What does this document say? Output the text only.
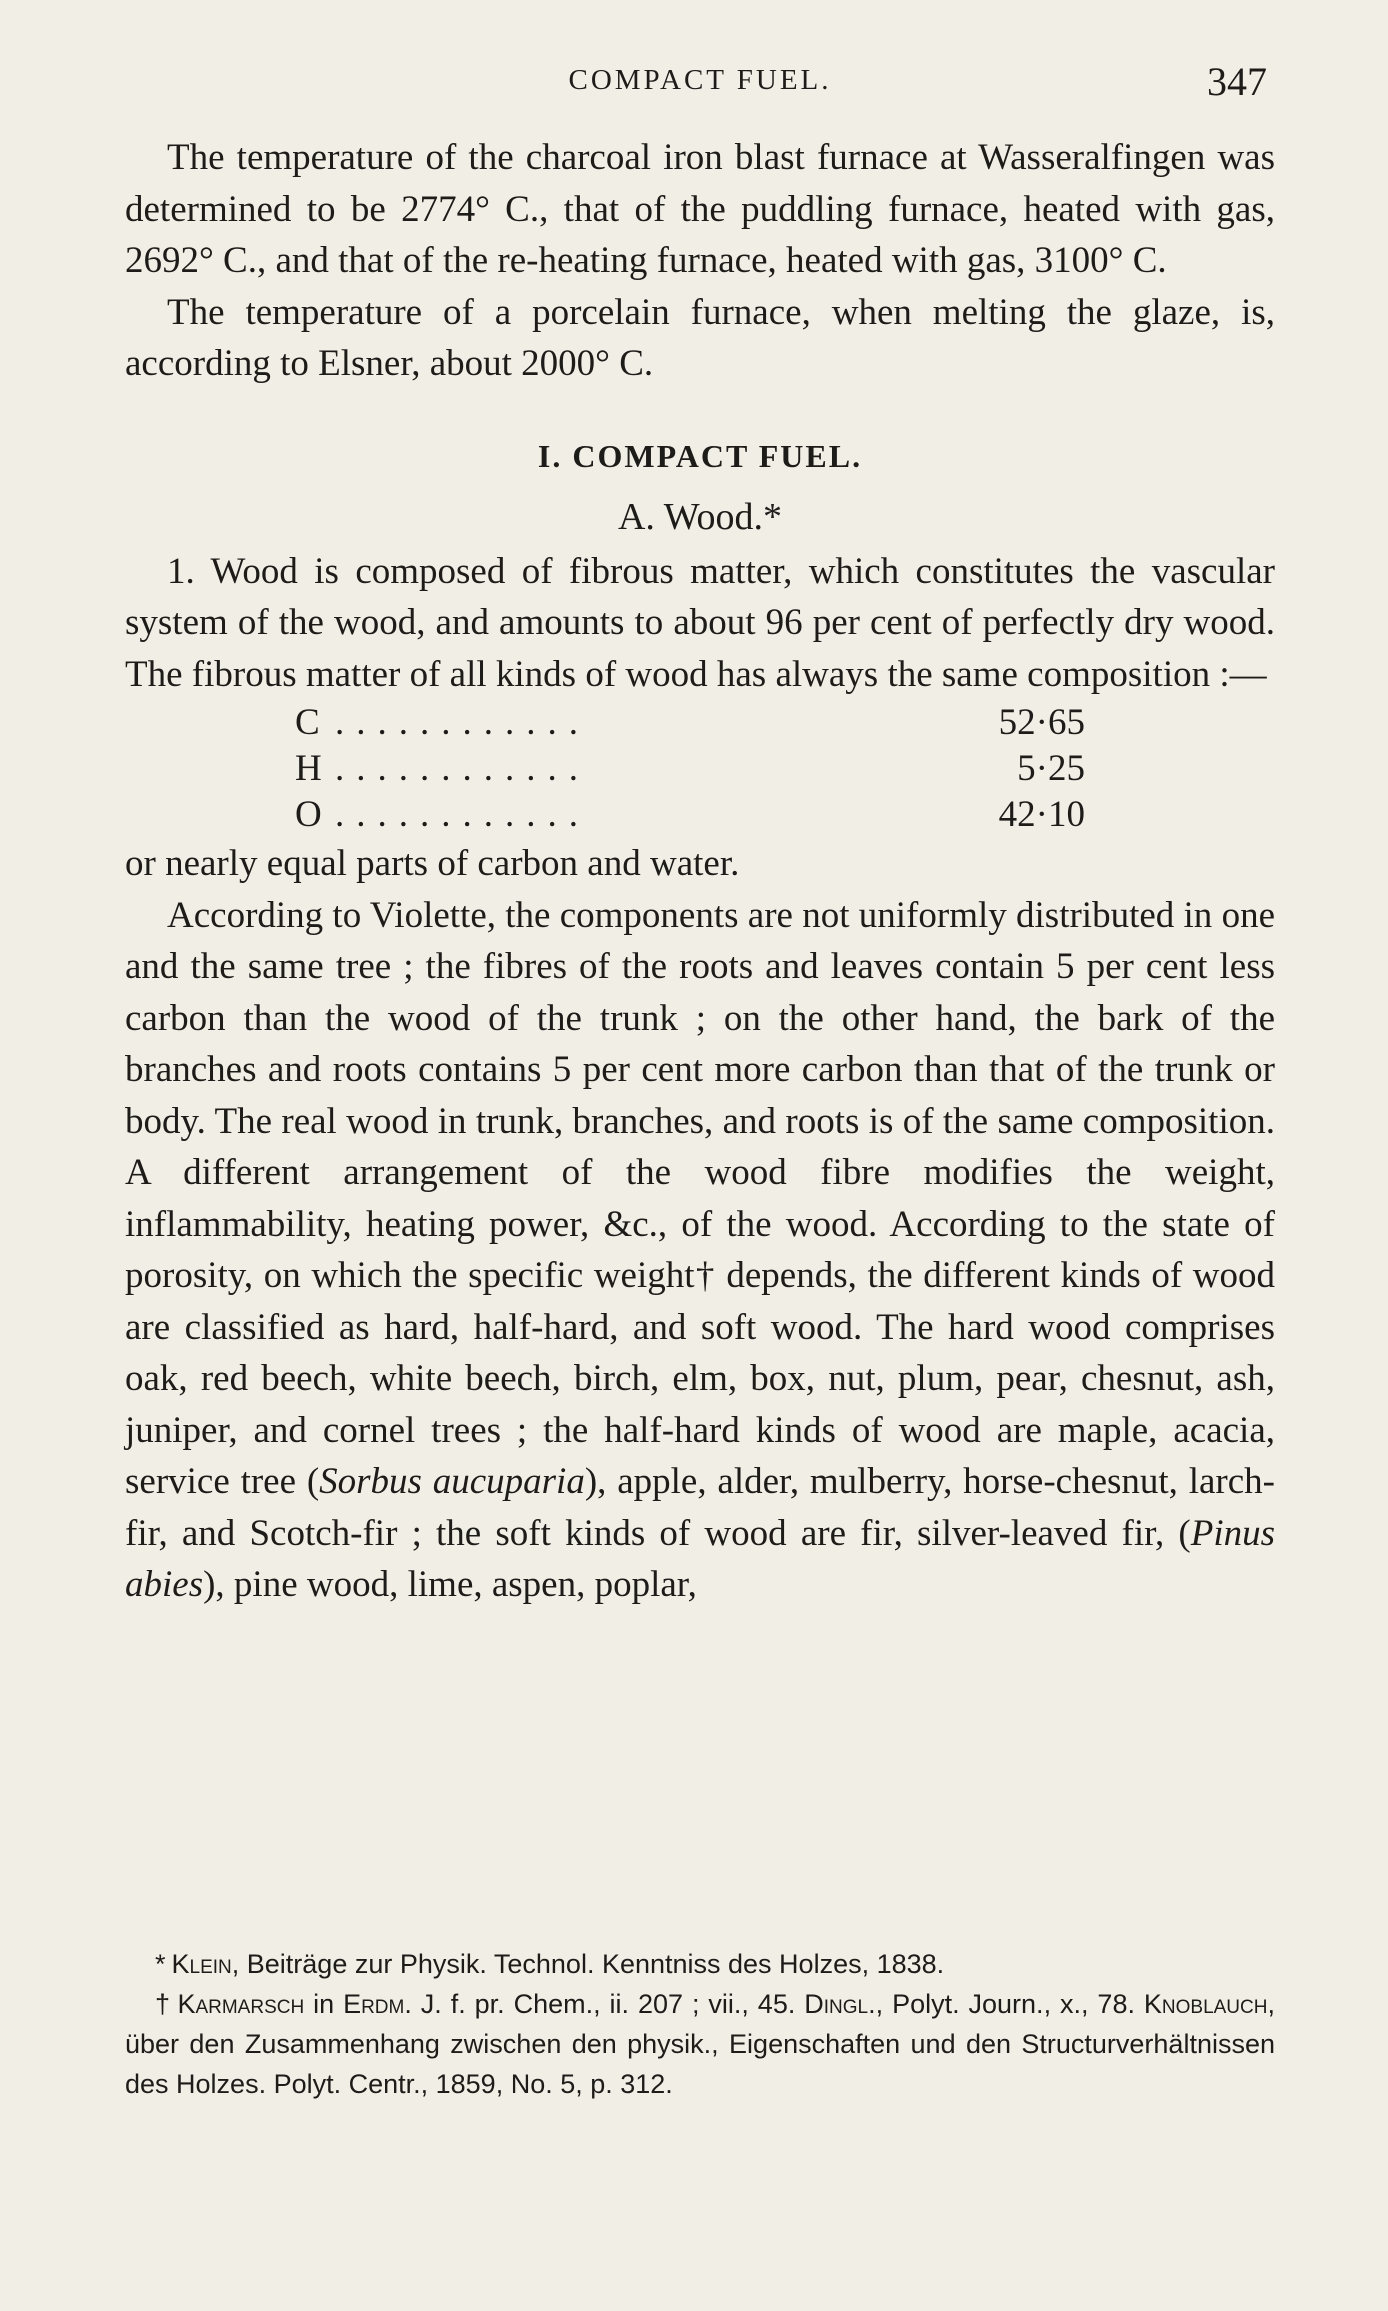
COMPACT FUEL.	347

The temperature of the charcoal iron blast furnace at Wasseralfingen was determined to be 2774° C., that of the puddling furnace, heated with gas, 2692° C., and that of the re-heating furnace, heated with gas, 3100° C.

The temperature of a porcelain furnace, when melting the glaze, is, according to Elsner, about 2000° C.

I. COMPACT FUEL.
A. Wood.*

1. Wood is composed of fibrous matter, which constitutes the vascular system of the wood, and amounts to about 96 per cent of perfectly dry wood. The fibrous matter of all kinds of wood has always the same composition :—

C ............	52·65
H ............	5·25
O ............	42·10

or nearly equal parts of carbon and water.

According to Violette, the components are not uniformly distributed in one and the same tree ; the fibres of the roots and leaves contain 5 per cent less carbon than the wood of the trunk ; on the other hand, the bark of the branches and roots contains 5 per cent more carbon than that of the trunk or body. The real wood in trunk, branches, and roots is of the same composition. A different arrangement of the wood fibre modifies the weight, inflammability, heating power, &c., of the wood. According to the state of porosity, on which the specific weight† depends, the different kinds of wood are classified as hard, half-hard, and soft wood. The hard wood comprises oak, red beech, white beech, birch, elm, box, nut, plum, pear, chesnut, ash, juniper, and cornel trees ; the half-hard kinds of wood are maple, acacia, service tree (Sorbus aucuparia), apple, alder, mulberry, horse-chesnut, larch-fir, and Scotch-fir ; the soft kinds of wood are fir, silver-leaved fir, (Pinus abies), pine wood, lime, aspen, poplar,

* Klein, Beiträge zur Physik. Technol. Kenntniss des Holzes, 1838.

† Karmarsch in Erdm. J. f. pr. Chem., ii. 207 ; vii., 45. Dingl., Polyt. Journ., x., 78. Knoblauch, über den Zusammenhang zwischen den physik., Eigenschaften und den Structurverhältnissen des Holzes. Polyt. Centr., 1859, No. 5, p. 312.
